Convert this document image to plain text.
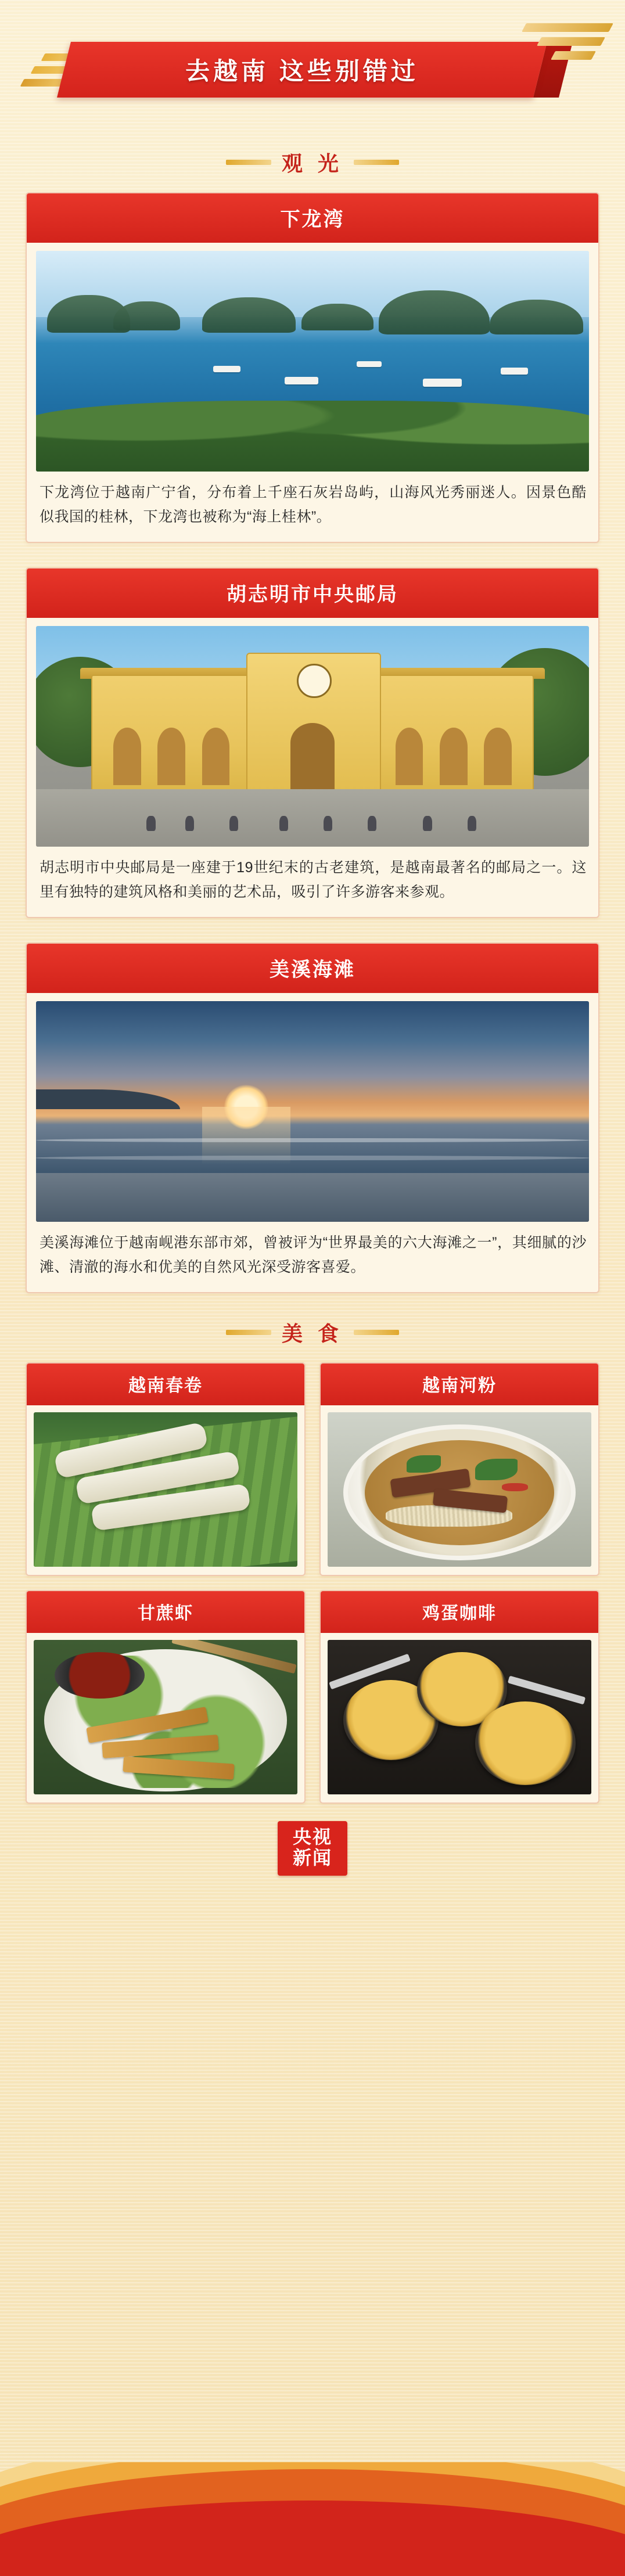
去越南 这些别错过
观 光
下龙湾
下龙湾位于越南广宁省，分布着上千座石灰岩岛屿，山海风光秀丽迷人。因景色酷似我国的桂林，下龙湾也被称为“海上桂林”。
胡志明市中央邮局
胡志明市中央邮局是一座建于19世纪末的古老建筑，是越南最著名的邮局之一。这里有独特的建筑风格和美丽的艺术品，吸引了许多游客来参观。
美溪海滩
美溪海滩位于越南岘港东部市郊，曾被评为“世界最美的六大海滩之一”，其细腻的沙滩、清澈的海水和优美的自然风光深受游客喜爱。
美 食
越南春卷	越南河粉
甘蔗虾	鸡蛋咖啡
央视
新闻
